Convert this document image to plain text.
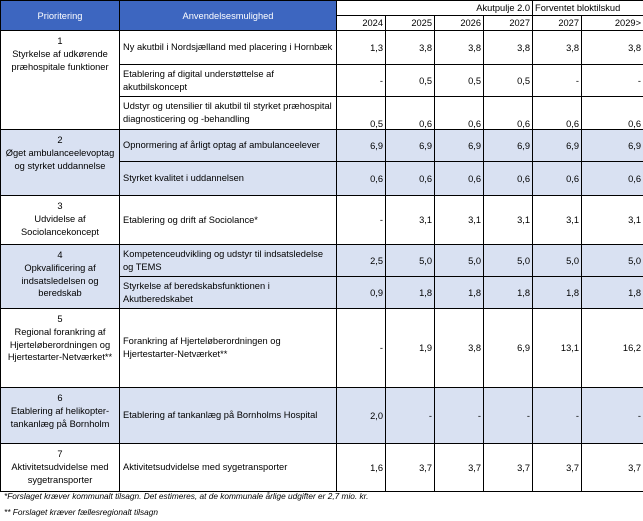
Prioritering	Anvendelsesmulighed	Akutpulje 2.0				Forventet bloktilskud	
		2024	2025	2026	2027	2027	2029>

1
Styrkelse af udkørende præhospitale funktioner	Ny akutbil i Nordsjælland med placering i Hornbæk	1,3	3,8	3,8	3,8	3,8	3,8
	Etablering af digital understøttelse af akutbilskoncept	-	0,5	0,5	0,5	-	-
	Udstyr og utensilier til akutbil til styrket præhospital diagnosticering og -behandling	0,5	0,6	0,6	0,6	0,6	0,6

2
Øget ambulanceelevoptag og styrket uddannelse	Opnormering af årligt optag af ambulanceelever	6,9	6,9	6,9	6,9	6,9	6,9
	Styrket kvalitet i uddannelsen	0,6	0,6	0,6	0,6	0,6	0,6

3
Udvidelse af Sociolancekoncept	Etablering og drift af Sociolance*	-	3,1	3,1	3,1	3,1	3,1

4
Opkvalificering af indsatsledelsen og beredskab	Kompetenceudvikling og udstyr til indsatsledelse og TEMS	2,5	5,0	5,0	5,0	5,0	5,0
	Styrkelse af beredskabsfunktionen i Akutberedskabet	0,9	1,8	1,8	1,8	1,8	1,8

5
Regional forankring af Hjerteløberordningen og Hjertestarter-Netværket**	Forankring af Hjerteløberordningen og Hjertestarter-Netværket**	-	1,9	3,8	6,9	13,1	16,2

6
Etablering af helikopter-tankanlæg på Bornholm	Etablering af tankanlæg på Bornholms Hospital	2,0	-	-	-	-	-

7
Aktivitetsudvidelse med sygetransporter	Aktivitetsudvidelse med sygetransporter	1,6	3,7	3,7	3,7	3,7	3,7
*Forslaget kræver kommunalt tilsagn. Det estimeres, at de kommunale årlige udgifter er 2,7 mio. kr.
** Forslaget kræver fællesregionalt tilsagn
